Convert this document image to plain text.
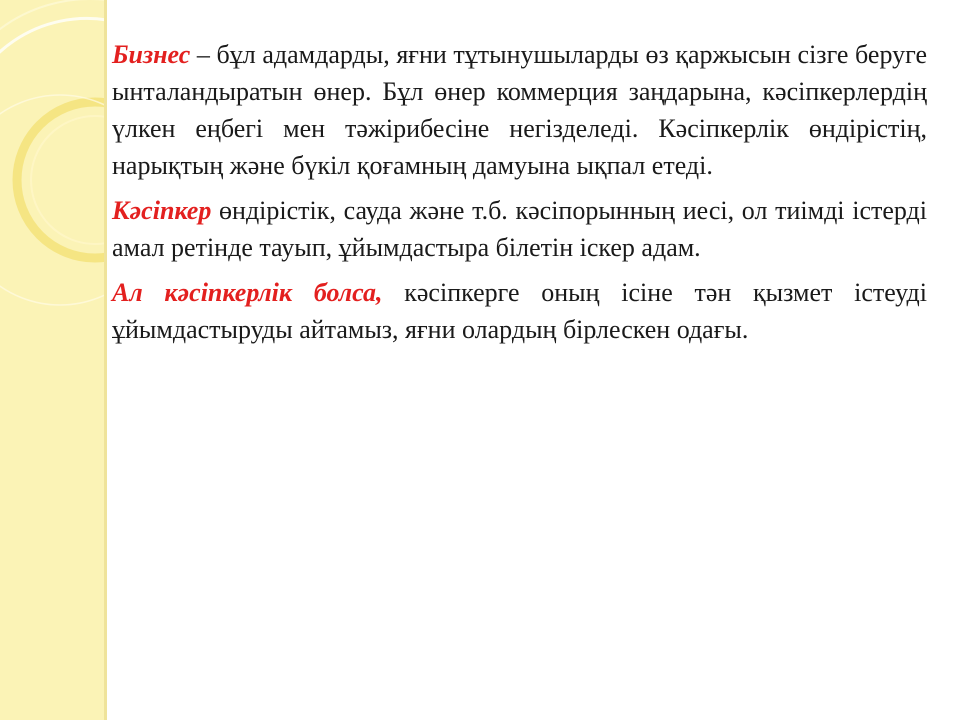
Бизнес – бұл адамдарды, яғни тұтынушыларды өз қаржысын сізге беруге ынталандыратын өнер. Бұл өнер коммерция заңдарына, кәсіпкерлердің үлкен еңбегі мен тәжірибесіне негізделеді. Кәсіпкерлік өндірістің, нарықтың және бүкіл қоғамның дамуына ықпал етеді.

Кәсіпкер өндірістік, сауда және т.б. кәсіпорынның иесі, ол тиімді істерді амал ретінде тауып, ұйымдастыра білетін іскер адам.

Ал кәсіпкерлік болса, кәсіпкерге оның ісіне тән қызмет істеуді ұйымдастыруды айтамыз, яғни олардың бірлескен одағы.
